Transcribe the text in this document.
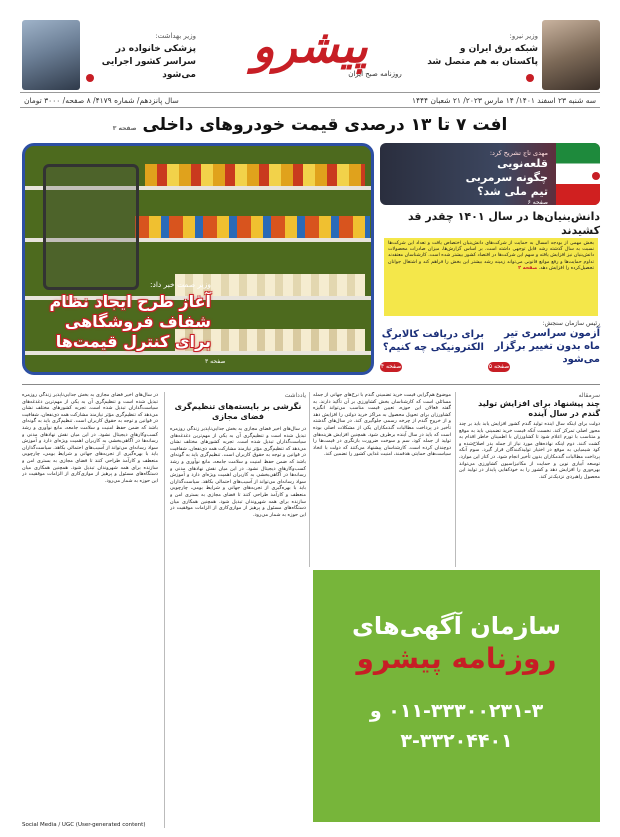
وزیر بهداشت:
پزشکی خانواده در سراسر کشور اجرایی می‌شود
پیشرو
روزنامه صبح ایران
وزیر نیرو:
شبکه برق ایران و پاکستان به هم متصل شد
سه شنبه ۲۳ اسفند ۱۴۰۱/ ۱۴ مارس ۲۰۲۳/ ۲۱ شعبان ۱۴۴۴
سال پانزدهم/ شماره ۴۱۷۹/ ۸ صفحه/ ۳۰۰۰ تومان
افت ۷ تا ۱۳ درصدی قیمت خودروهای داخلی صفحه ۳
وزیر صمت خبر داد:
آغاز طرح ایجاد نظام شفاف فروشگاهی برای کنترل قیمت‌ها
صفحه ۳
مهدی تاج تشریح کرد:
قلعه‌نویی چگونه سرمربی تیم ملی شد؟
صفحه ۶
دانش‌بنیان‌ها در سال ۱۴۰۱ چقدر قد کشیدند
بخش مهمی از بودجه امسال به حمایت از شرکت‌های دانش‌بنیان اختصاص یافت و تعداد این شرکت‌ها نسبت به سال گذشته رشد قابل توجهی داشته است. بر اساس گزارش‌ها، میزان صادرات محصولات دانش‌بنیان نیز افزایش یافته و سهم این شرکت‌ها در اقتصاد کشور بیشتر شده است. کارشناسان معتقدند تداوم حمایت‌ها و رفع موانع قانونی می‌تواند زمینه رشد بیشتر این بخش را فراهم کند و اشتغال جوانان تحصیل‌کرده را افزایش دهد. صفحه ۲
رئیس سازمان سنجش:
آزمون سراسری تیر ماه بدون تغییر برگزار می‌شود
صفحه ۵
برای دریافت کالابرگ الکترونیکی چه کنیم؟
صفحه ۴
یادداشت
نگرشی بر بایسته‌های تنظیم‌گری فضای مجازی
در سال‌های اخیر فضای مجازی به بخش جدایی‌ناپذیر زندگی روزمره تبدیل شده است و تنظیم‌گری آن به یکی از مهم‌ترین دغدغه‌های سیاست‌گذاران تبدیل شده است. تجربه کشورهای مختلف نشان می‌دهد که تنظیم‌گری مؤثر نیازمند مشارکت همه ذی‌نفعان، شفافیت در قوانین و توجه به حقوق کاربران است. تنظیم‌گری باید به گونه‌ای باشد که ضمن حفظ امنیت و سلامت جامعه، مانع نوآوری و رشد کسب‌وکارهای دیجیتال نشود. در این میان نقش نهادهای مدنی و رسانه‌ها در آگاهی‌بخشی به کاربران اهمیت ویژه‌ای دارد و آموزش سواد رسانه‌ای می‌تواند از آسیب‌های احتمالی بکاهد. سیاست‌گذاران باید با بهره‌گیری از تجربه‌های جهانی و شرایط بومی، چارچوبی منعطف و کارآمد طراحی کنند تا فضای مجازی به بستری امن و سازنده برای همه شهروندان تبدیل شود. همچنین همکاری میان دستگاه‌های مسئول و پرهیز از موازی‌کاری از الزامات موفقیت در این حوزه به شمار می‌رود.
در سال‌های اخیر فضای مجازی به بخش جدایی‌ناپذیر زندگی روزمره تبدیل شده است و تنظیم‌گری آن به یکی از مهم‌ترین دغدغه‌های سیاست‌گذاران تبدیل شده است. تجربه کشورهای مختلف نشان می‌دهد که تنظیم‌گری مؤثر نیازمند مشارکت همه ذی‌نفعان، شفافیت در قوانین و توجه به حقوق کاربران است. تنظیم‌گری باید به گونه‌ای باشد که ضمن حفظ امنیت و سلامت جامعه، مانع نوآوری و رشد کسب‌وکارهای دیجیتال نشود. در این میان نقش نهادهای مدنی و رسانه‌ها در آگاهی‌بخشی به کاربران اهمیت ویژه‌ای دارد و آموزش سواد رسانه‌ای می‌تواند از آسیب‌های احتمالی بکاهد. سیاست‌گذاران باید با بهره‌گیری از تجربه‌های جهانی و شرایط بومی، چارچوبی منعطف و کارآمد طراحی کنند تا فضای مجازی به بستری امن و سازنده برای همه شهروندان تبدیل شود. همچنین همکاری میان دستگاه‌های مسئول و پرهیز از موازی‌کاری از الزامات موفقیت در این حوزه به شمار می‌رود.
Social Media / UGC (User-generated content)
موضوع هم‌گرایی قیمت خرید تضمینی گندم با نرخ‌های جهانی از جمله مسائلی است که کارشناسان بخش کشاورزی بر آن تأکید دارند. به گفته فعالان این حوزه، تعیین قیمت مناسب می‌تواند انگیزه کشاورزان برای تحویل محصول به مراکز خرید دولتی را افزایش دهد و از خروج گندم از چرخه رسمی جلوگیری کند. در سال‌های گذشته تأخیر در پرداخت مطالبات گندمکاران یکی از مشکلات اصلی بوده است که باید در سال آینده برطرف شود. همچنین افزایش هزینه‌های تولید از جمله کود، سم و سوخت ضرورت بازنگری در قیمت‌ها را دوچندان کرده است. کارشناسان پیشنهاد می‌کنند که دولت با اتخاذ سیاست‌های حمایتی هدفمند، امنیت غذایی کشور را تضمین کند.
سرمقاله
چند پیشنهاد برای افزایش تولید گندم در سال آینده
دولت برای اینکه سال آینده تولید گندم کشور افزایش یابد باید بر چند محور اصلی تمرکز کند. نخست آنکه قیمت خرید تضمینی باید به موقع و متناسب با تورم اعلام شود تا کشاورزان با اطمینان خاطر اقدام به کشت کنند. دوم اینکه نهاده‌های مورد نیاز از جمله بذر اصلاح‌شده و کود شیمیایی به موقع در اختیار تولیدکنندگان قرار گیرد. سوم آنکه پرداخت مطالبات گندمکاران بدون تأخیر انجام شود. در کنار این موارد، توسعه آبیاری نوین و حمایت از مکانیزاسیون کشاورزی می‌تواند بهره‌وری را افزایش دهد و کشور را به خودکفایی پایدار در تولید این محصول راهبردی نزدیک‌تر کند.
سازمان آگهی‌های
روزنامه پیشرو
۰۱۱-۳۳۳۰۰۲۳۱-۳ و ۳۳۲۰۴۴۰۱-۳
